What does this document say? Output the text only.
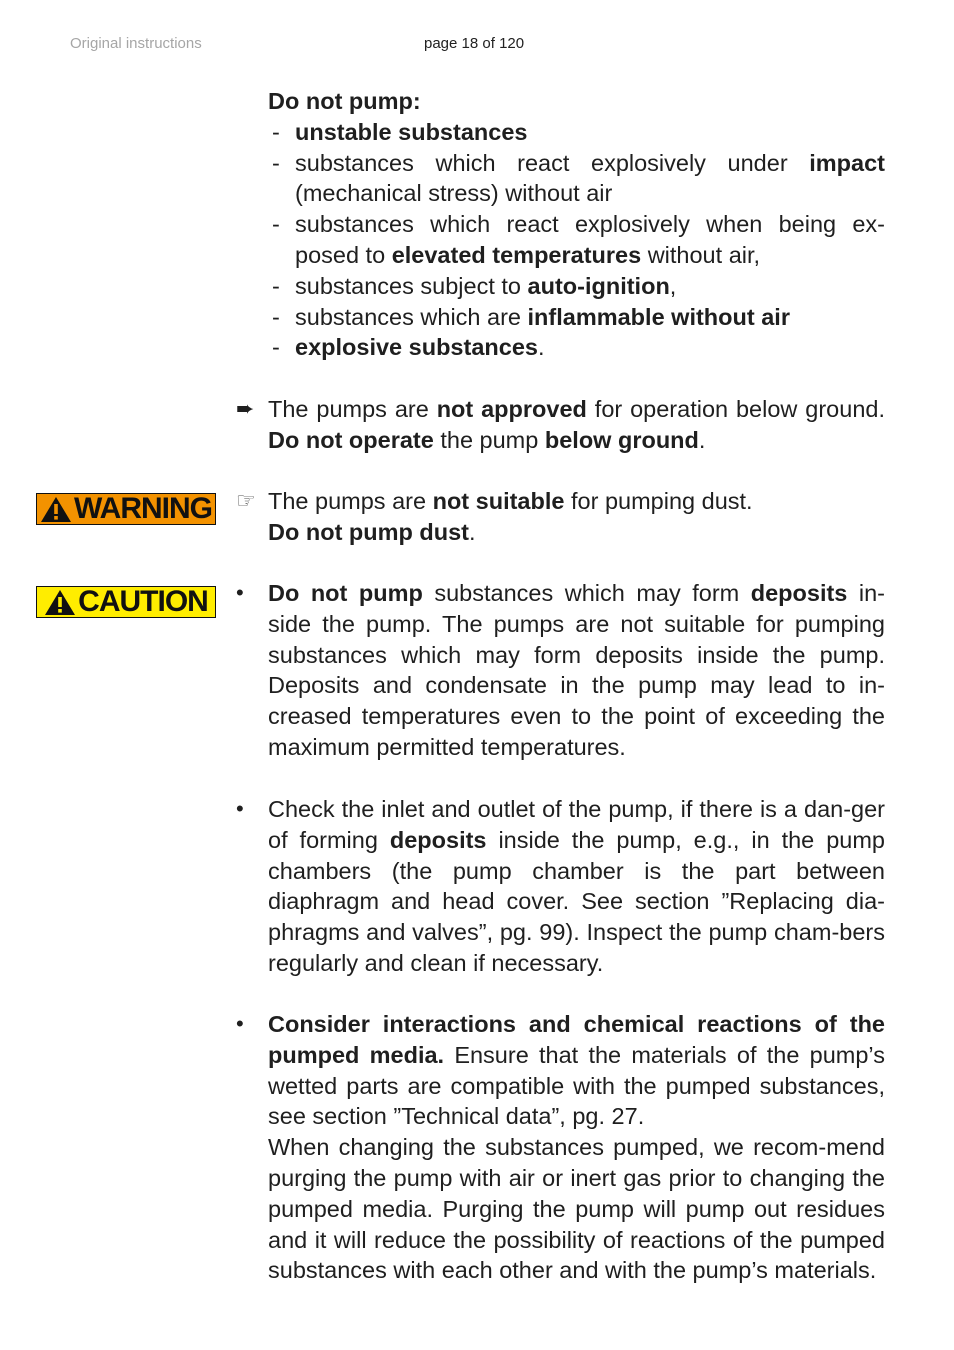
Original instructions	page 18 of 120
WARNING
CAUTION

Do not pump:

- unstable substances
- substances which react explosively under impact (mechanical stress) without air
- substances which react explosively when being ex-posed to elevated temperatures without air,
- substances subject to auto-ignition,
- substances which are inflammable without air
- explosive substances.
➨ The pumps are not approved for operation below ground. Do not operate the pump below ground.

☞ The pumps are not suitable for pumping dust.

Do not pump dust.

• Do not pump substances which may form deposits in-side the pump. The pumps are not suitable for pumping substances which may form deposits inside the pump. Deposits and condensate in the pump may lead to in-creased temperatures even to the point of exceeding the maximum permitted temperatures.

• Check the inlet and outlet of the pump, if there is a dan-ger of forming deposits inside the pump, e.g., in the pump chambers (the pump chamber is the part between diaphragm and head cover. See section ”Replacing dia-phragms and valves”, pg. 99). Inspect the pump cham-bers regularly and clean if necessary.

• Consider interactions and chemical reactions of the pumped media. Ensure that the materials of the pump’s wetted parts are compatible with the pumped substances, see section ”Technical data”, pg. 27.

When changing the substances pumped, we recom-mend purging the pump with air or inert gas prior to changing the pumped media. Purging the pump will pump out residues and it will reduce the possibility of reactions of the pumped substances with each other and with the pump’s materials.
